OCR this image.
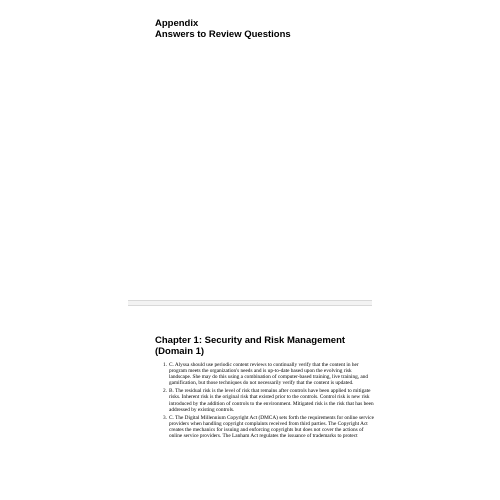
Appendix
Answers to Review Questions
Chapter 1: Security and Risk Management
(Domain 1)
1. C. Alyssa should use periodic content reviews to continually verify that the content in her program meets the organization's needs and is up-to-date based upon the evolving risk landscape. She may do this using a combination of computer-based training, live training, and gamification, but those techniques do not necessarily verify that the content is updated.
2. B. The residual risk is the level of risk that remains after controls have been applied to mitigate risks. Inherent risk is the original risk that existed prior to the controls. Control risk is new risk introduced by the addition of controls to the environment. Mitigated risk is the risk that has been addressed by existing controls.
3. C. The Digital Millennium Copyright Act (DMCA) sets forth the requirements for online service providers when handling copyright complaints received from third parties. The Copyright Act creates the mechanics for issuing and enforcing copyrights but does not cover the actions of online service providers. The Lanham Act regulates the issuance of trademarks to protect
